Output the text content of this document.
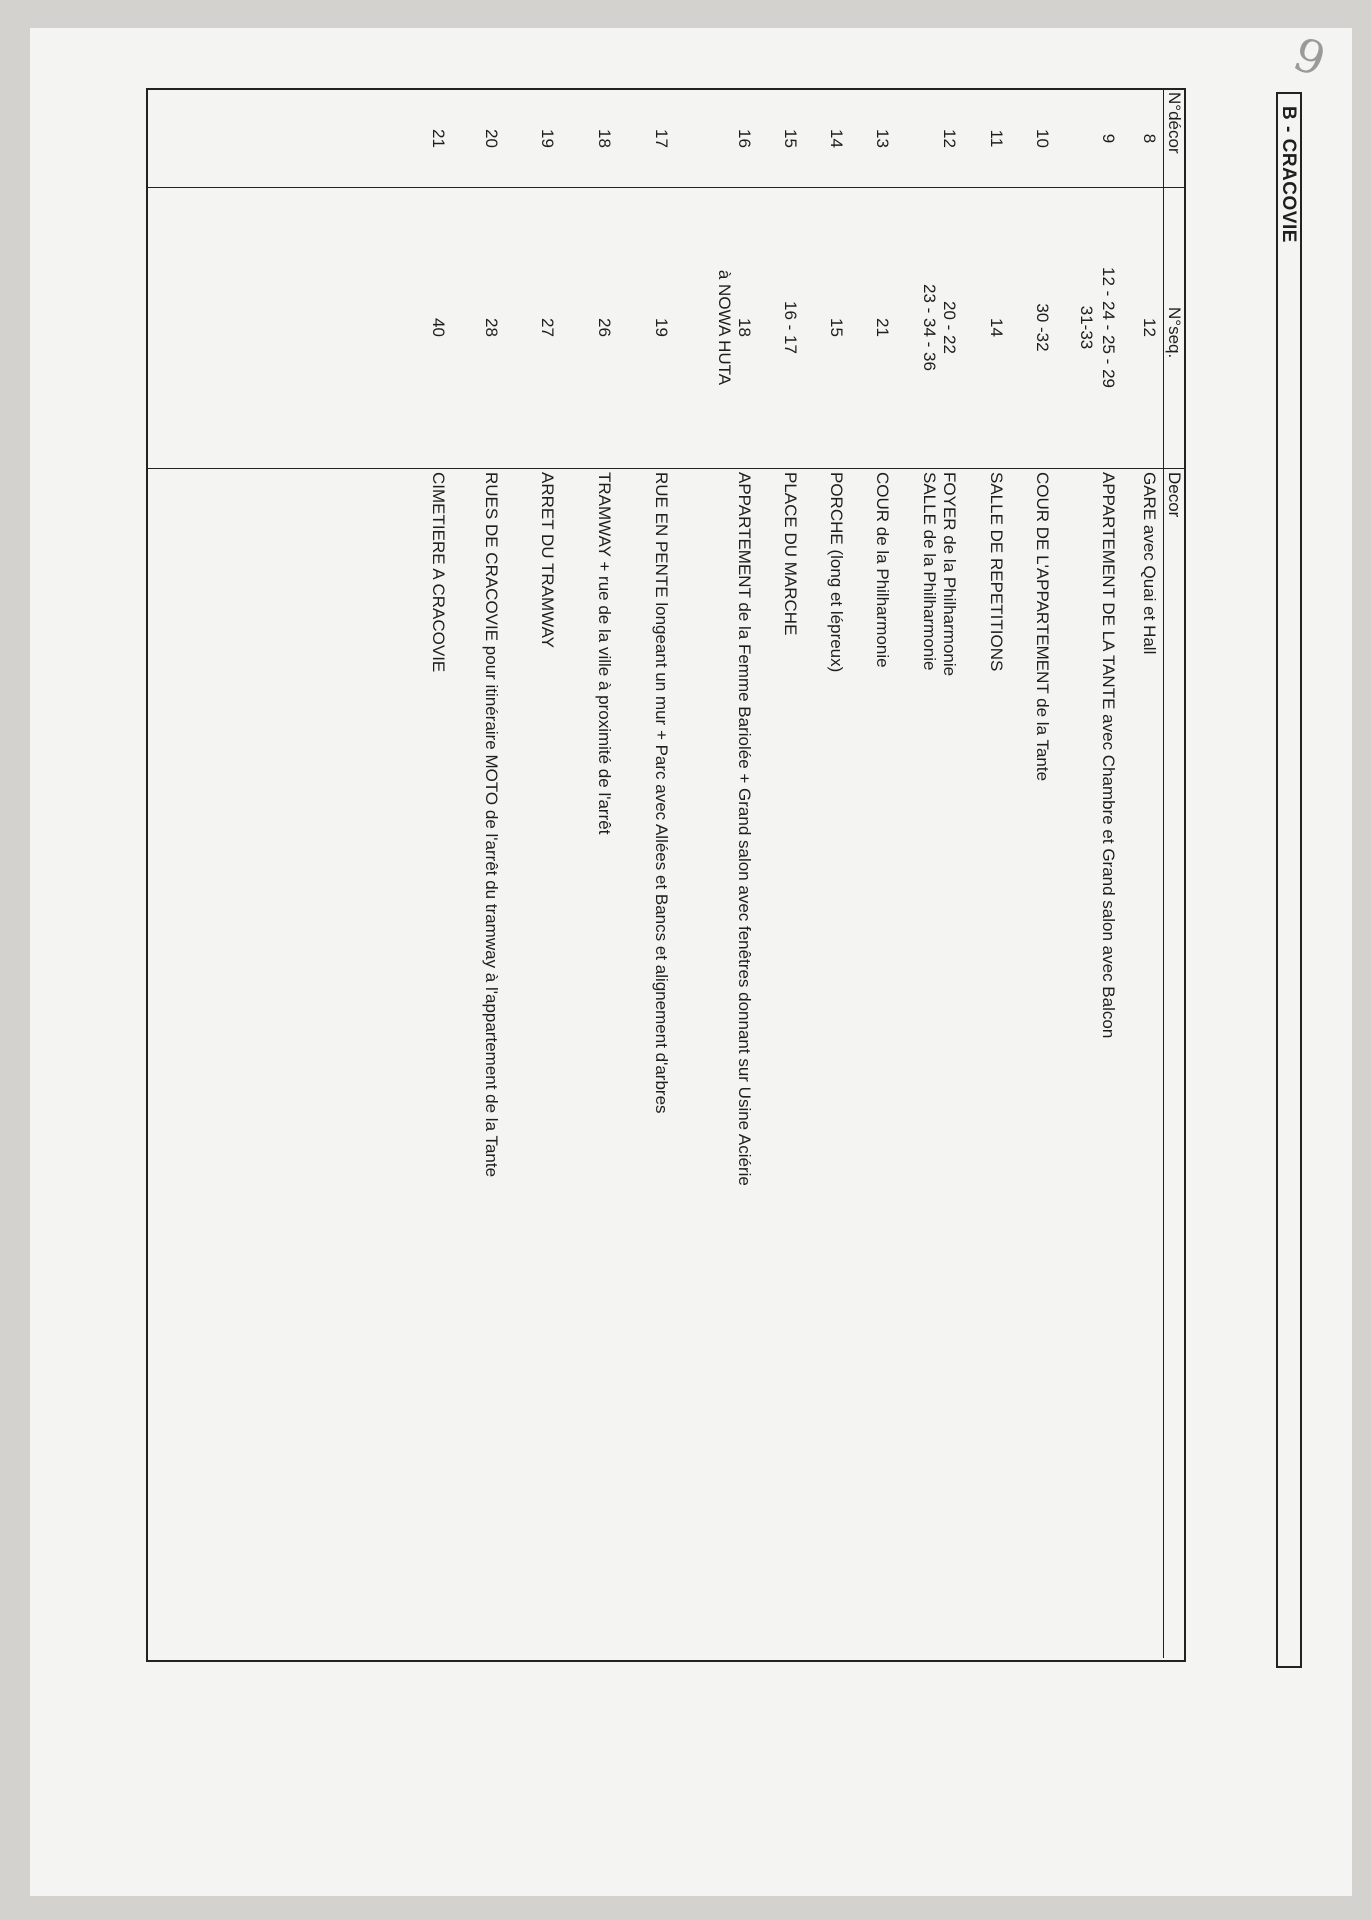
9
B - CRACOVIE
N°décor
N°seq.
Decor
8
12
GARE avec Quai et Hall
9
12 - 24 - 25 - 29
31-33
APPARTEMENT DE LA TANTE avec Chambre et Grand salon avec Balcon
10
30 -32
COUR DE L'APPARTEMENT de la Tante
11
14
SALLE DE REPETITIONS
12
20 - 22
23 - 34 - 36
FOYER de la Philharmonie
SALLE de la Philharmonie
13
21
COUR de la Philharmonie
14
15
PORCHE (long et lépreux)
15
16 - 17
PLACE DU MARCHE
16
18
à NOWA HUTA
APPARTEMENT de la Femme Bariolée + Grand salon avec fenêtres donnant sur Usine Aciérie
17
19
RUE EN PENTE longeant un mur + Parc avec Allées et Bancs et alignement d'arbres
18
26
TRAMWAY + rue de la ville à proximité de l'arrêt
19
27
ARRET DU TRAMWAY
20
28
RUES DE CRACOVIE pour itinéraire MOTO de l'arrêt du tramway à l'appartement de la Tante
21
40
CIMETIERE A CRACOVIE
